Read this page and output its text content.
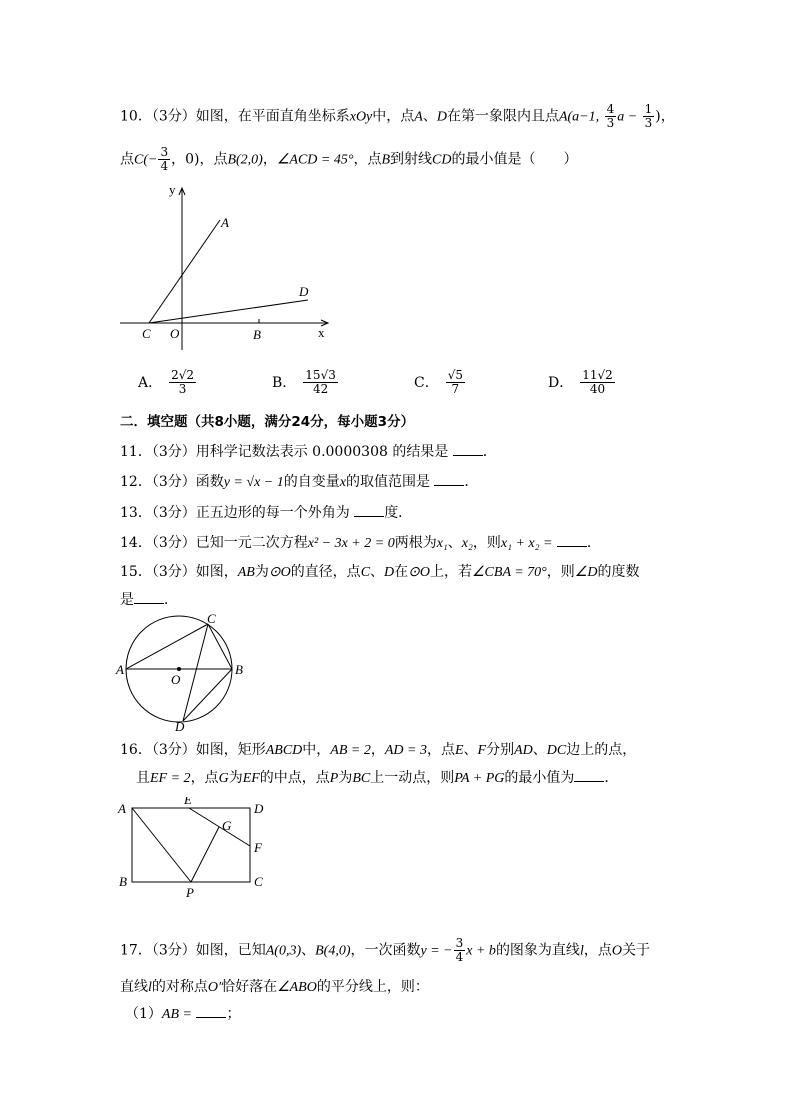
10．（3分）如图，在平面直角坐标系xOy中，点A、D在第一象限内且点A(a−1, $\frac{4}{3}$ $a - \frac{1}{3}$ )，
点$C(- \frac{3}{4}$ ，0)，点B(2,0)，∠ACD = 45°，点B到射线CD的最小值是（　　）
y
x
A
D
C O	B
A． $\frac{2√2}{3}$	B． $\frac{15√3}{42}$	C． $\frac{√5}{7}$	D． $\frac{11√2}{40}$
二．填空题（共8小题，满分24分，每小题3分）
11．（3分）用科学记数法表示 0.0000308 的结果是 ．
12．（3分）函数y = √x − 1的自变量x的取值范围是 ．
13．（3分）正五边形的每一个外角为 度．
14．（3分）已知一元二次方程x² − 3x + 2 = 0两根为x₁、x₂，则x₁ + x₂ = ．
15．（3分）如图，AB为⊙O的直径，点C、D在⊙O上，若∠CBA = 70°，则∠D的度数
是 ．
A	B
C
D
O
16．（3分）如图，矩形ABCD中，AB = 2，AD = 3，点E、F分别AD、DC边上的点，
且EF = 2，点G为EF的中点，点P为BC上一动点，则PA + PG的最小值为 ．
A
E
D
G
F
B
P
C
17．（3分）如图，已知A(0,3)、B(4,0)，一次函数y = − $\frac{3}{4}$ x + b的图象为直线l，点O关于
直线l的对称点O′恰好落在∠ABO的平分线上，则：
（1）AB = ；
